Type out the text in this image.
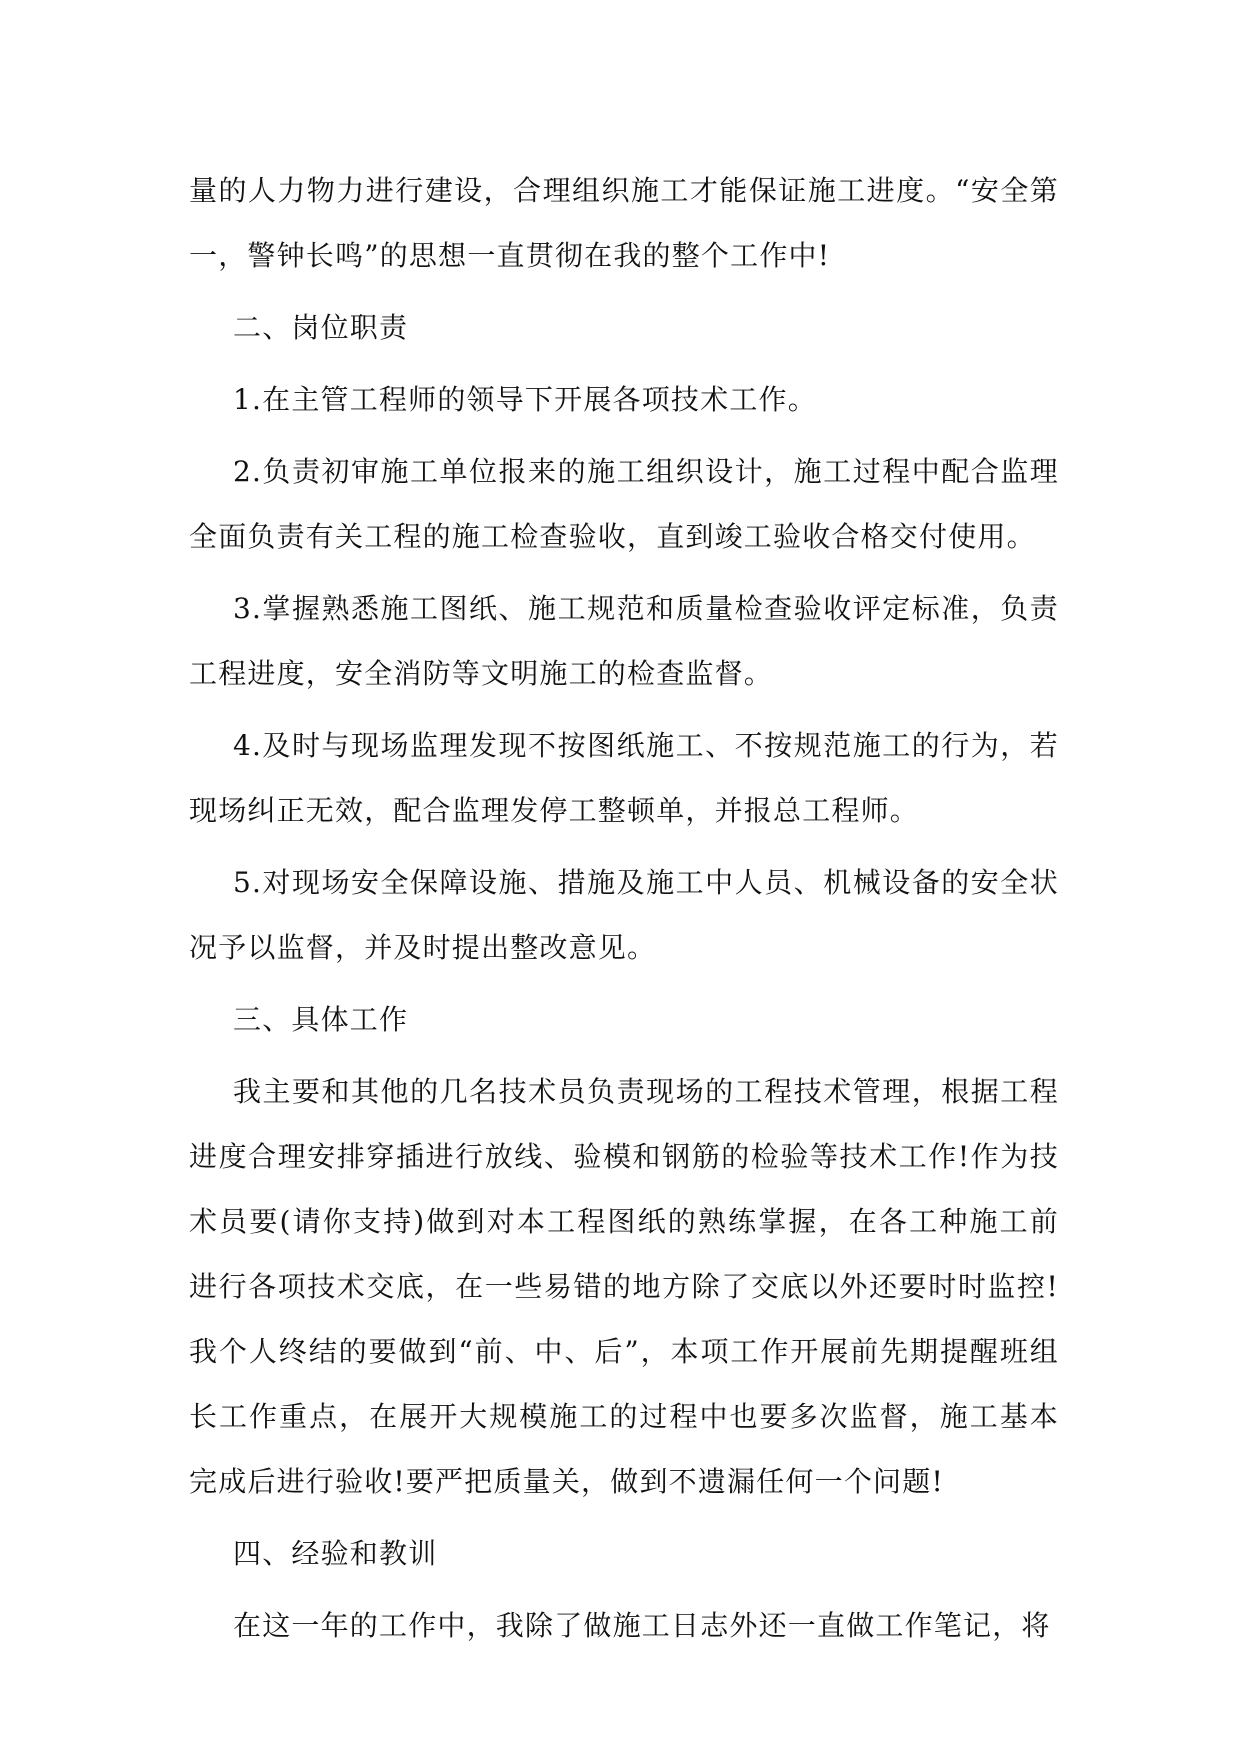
量的人力物力进行建设，合理组织施工才能保证施工进度。“安全第一，警钟长鸣”的思想一直贯彻在我的整个工作中!

二、岗位职责

1.在主管工程师的领导下开展各项技术工作。

2.负责初审施工单位报来的施工组织设计，施工过程中配合监理全面负责有关工程的施工检查验收，直到竣工验收合格交付使用。

3.掌握熟悉施工图纸、施工规范和质量检查验收评定标准，负责工程进度，安全消防等文明施工的检查监督。

4.及时与现场监理发现不按图纸施工、不按规范施工的行为，若现场纠正无效，配合监理发停工整顿单，并报总工程师。

5.对现场安全保障设施、措施及施工中人员、机械设备的安全状况予以监督，并及时提出整改意见。

三、具体工作

我主要和其他的几名技术员负责现场的工程技术管理，根据工程进度合理安排穿插进行放线、验模和钢筋的检验等技术工作!作为技术员要(请你支持)做到对本工程图纸的熟练掌握，在各工种施工前进行各项技术交底，在一些易错的地方除了交底以外还要时时监控!我个人终结的要做到“前、中、后”，本项工作开展前先期提醒班组长工作重点，在展开大规模施工的过程中也要多次监督，施工基本完成后进行验收!要严把质量关，做到不遗漏任何一个问题!

四、经验和教训

在这一年的工作中，我除了做施工日志外还一直做工作笔记，将
